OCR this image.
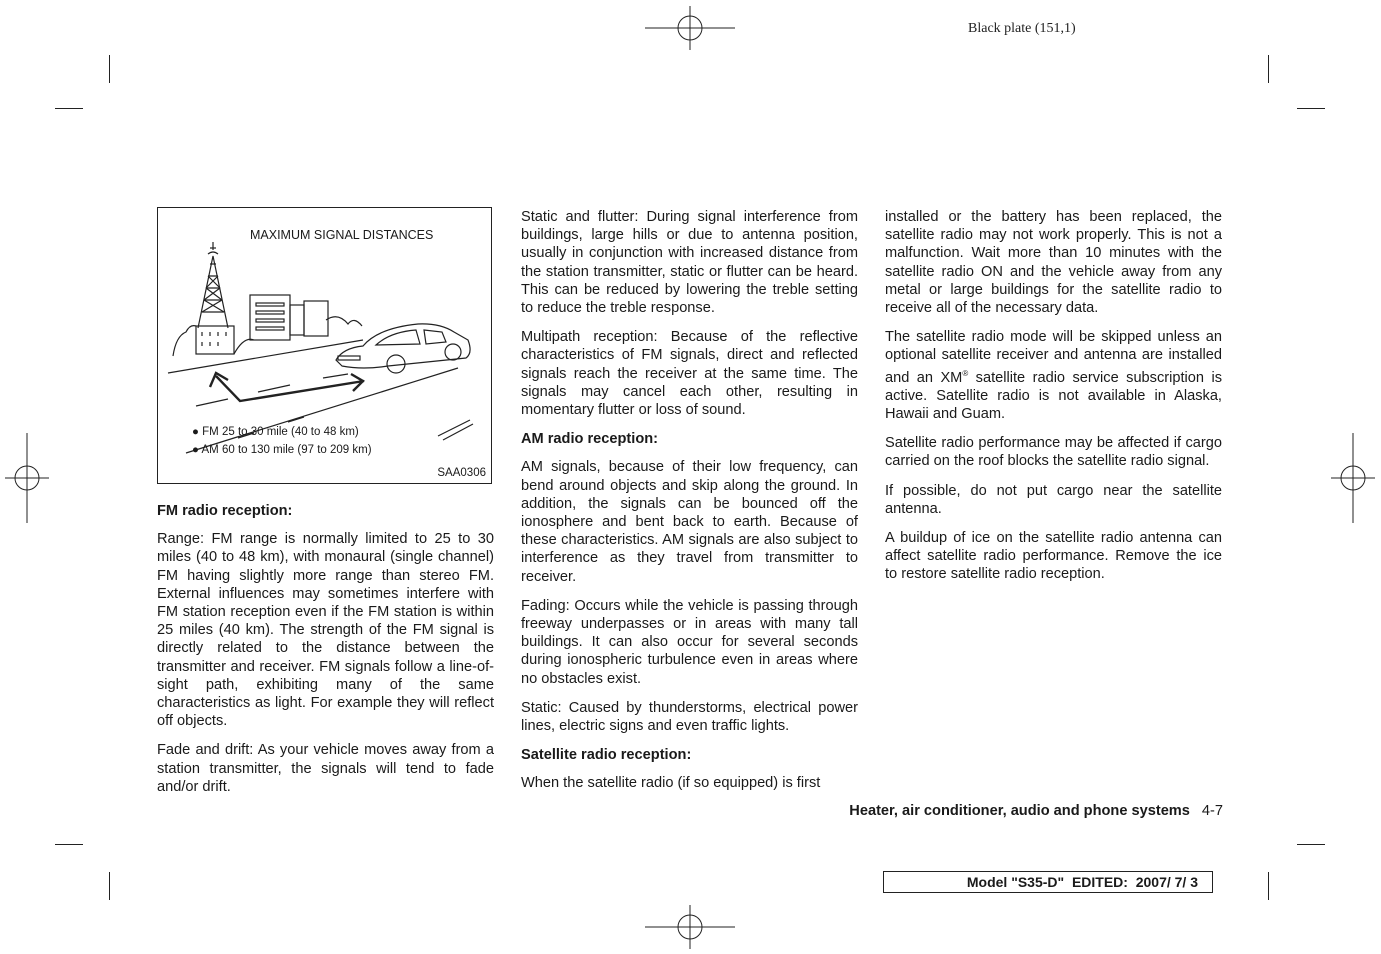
Black plate (151,1)
MAXIMUM SIGNAL DISTANCES
● FM 25 to 30 mile (40 to 48 km)
● AM 60 to 130 mile (97 to 209 km)
SAA0306
FM radio reception:

Range: FM range is normally limited to 25 to 30 miles (40 to 48 km), with monaural (single channel) FM having slightly more range than stereo FM. External influences may sometimes interfere with FM station reception even if the FM station is within 25 miles (40 km). The strength of the FM signal is directly related to the distance between the transmitter and receiver. FM signals follow a line-of-sight path, exhibiting many of the same characteristics as light. For example they will reflect off objects.

Fade and drift: As your vehicle moves away from a station transmitter, the signals will tend to fade and/or drift.

Static and flutter: During signal interference from buildings, large hills or due to antenna position, usually in conjunction with increased distance from the station transmitter, static or flutter can be heard. This can be reduced by lowering the treble setting to reduce the treble response.

Multipath reception: Because of the reflective characteristics of FM signals, direct and reflected signals reach the receiver at the same time. The signals may cancel each other, resulting in momentary flutter or loss of sound.

AM radio reception:

AM signals, because of their low frequency, can bend around objects and skip along the ground. In addition, the signals can be bounced off the ionosphere and bent back to earth. Because of these characteristics. AM signals are also subject to interference as they travel from transmitter to receiver.

Fading: Occurs while the vehicle is passing through freeway underpasses or in areas with many tall buildings. It can also occur for several seconds during ionospheric turbulence even in areas where no obstacles exist.

Static: Caused by thunderstorms, electrical power lines, electric signs and even traffic lights.

Satellite radio reception:

When the satellite radio (if so equipped) is first

installed or the battery has been replaced, the satellite radio may not work properly. This is not a malfunction. Wait more than 10 minutes with the satellite radio ON and the vehicle away from any metal or large buildings for the satellite radio to receive all of the necessary data.

The satellite radio mode will be skipped unless an optional satellite receiver and antenna are installed and an XM® satellite radio service subscription is active. Satellite radio is not available in Alaska, Hawaii and Guam.

Satellite radio performance may be affected if cargo carried on the roof blocks the satellite radio signal.

If possible, do not put cargo near the satellite antenna.

A buildup of ice on the satellite radio antenna can affect satellite radio performance. Remove the ice to restore satellite radio reception.

Heater, air conditioner, audio and phone systems 4-7
Model "S35-D"  EDITED:  2007/ 7/ 3
